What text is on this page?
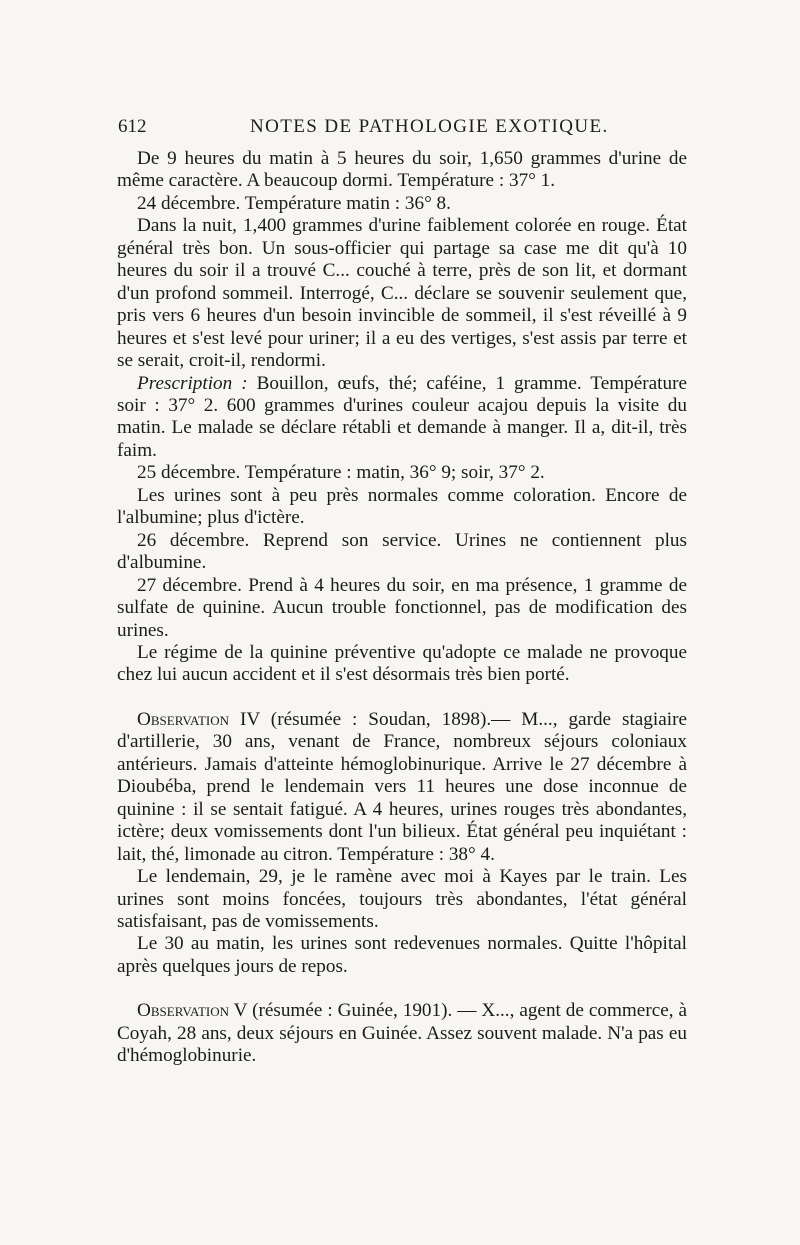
612	NOTES DE PATHOLOGIE EXOTIQUE.

De 9 heures du matin à 5 heures du soir, 1,650 grammes d'urine de même caractère. A beaucoup dormi. Température : 37° 1.

24 décembre. Température matin : 36° 8.

Dans la nuit, 1,400 grammes d'urine faiblement colorée en rouge. État général très bon. Un sous-officier qui partage sa case me dit qu'à 10 heures du soir il a trouvé C... couché à terre, près de son lit, et dormant d'un profond sommeil. Interrogé, C... déclare se souvenir seulement que, pris vers 6 heures d'un besoin invincible de sommeil, il s'est réveillé à 9 heures et s'est levé pour uriner; il a eu des vertiges, s'est assis par terre et se serait, croit-il, rendormi.

Prescription : Bouillon, œufs, thé; caféine, 1 gramme. Température soir : 37° 2. 600 grammes d'urines couleur acajou depuis la visite du matin. Le malade se déclare rétabli et demande à manger. Il a, dit-il, très faim.

25 décembre. Température : matin, 36° 9; soir, 37° 2.

Les urines sont à peu près normales comme coloration. Encore de l'albumine; plus d'ictère.

26 décembre. Reprend son service. Urines ne contiennent plus d'albumine.

27 décembre. Prend à 4 heures du soir, en ma présence, 1 gramme de sulfate de quinine. Aucun trouble fonctionnel, pas de modification des urines.

Le régime de la quinine préventive qu'adopte ce malade ne provoque chez lui aucun accident et il s'est désormais très bien porté.

Observation IV (résumée : Soudan, 1898).— M..., garde stagiaire d'artillerie, 30 ans, venant de France, nombreux séjours coloniaux antérieurs. Jamais d'atteinte hémoglobinurique. Arrive le 27 décembre à Dioubéba, prend le lendemain vers 11 heures une dose inconnue de quinine : il se sentait fatigué. A 4 heures, urines rouges très abondantes, ictère; deux vomissements dont l'un bilieux. État général peu inquiétant : lait, thé, limonade au citron. Température : 38° 4.

Le lendemain, 29, je le ramène avec moi à Kayes par le train. Les urines sont moins foncées, toujours très abondantes, l'état général satisfaisant, pas de vomissements.

Le 30 au matin, les urines sont redevenues normales. Quitte l'hôpital après quelques jours de repos.

Observation V (résumée : Guinée, 1901). — X..., agent de commerce, à Coyah, 28 ans, deux séjours en Guinée. Assez souvent malade. N'a pas eu d'hémoglobinurie.
